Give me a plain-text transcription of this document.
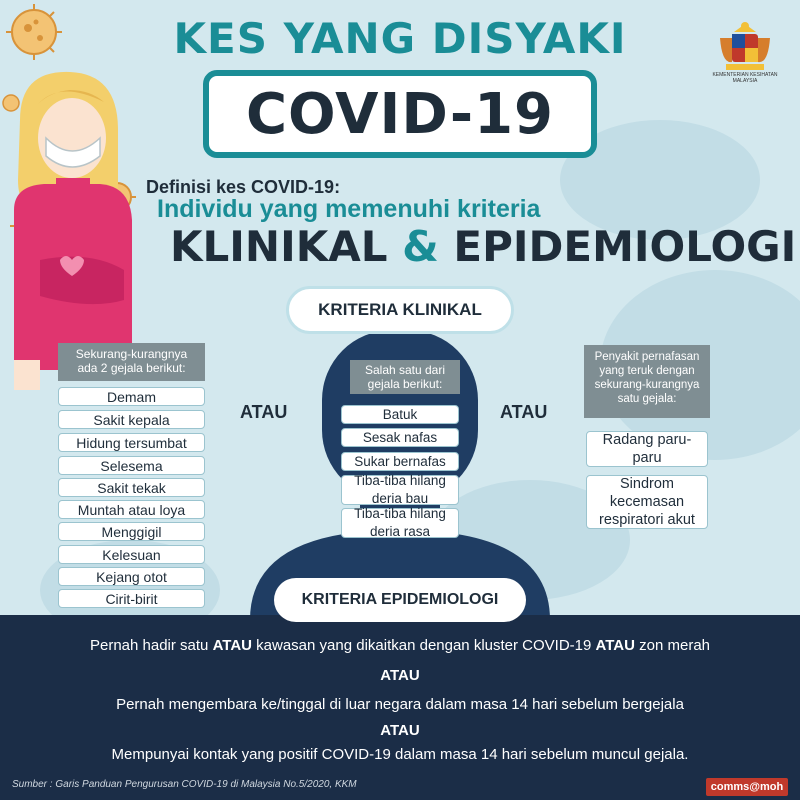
KEMENTERIAN KESIHATAN MALAYSIA
KES YANG DISYAKI
COVID-19
Definisi kes COVID-19:
Individu yang memenuhi kriteria
KLINIKAL & EPIDEMIOLOGI
KRITERIA KLINIKAL
Sekurang-kurangnya ada 2 gejala berikut:
Demam
Sakit kepala
Hidung tersumbat
Selesema
Sakit tekak
Muntah atau loya
Menggigil
Kelesuan
Kejang otot
Cirit-birit
ATAU	ATAU
Salah satu dari gejala berikut:
Batuk
Sesak nafas
Sukar bernafas
Tiba-tiba hilang deria bau
Tiba-tiba hilang deria rasa
Penyakit pernafasan yang teruk dengan sekurang-kurangnya satu gejala:
Radang paru-paru
Sindrom kecemasan respiratori akut
Pernah hadir satu ATAU kawasan yang dikaitkan dengan kluster COVID-19 ATAU zon merah
ATAU
Pernah mengembara ke/tinggal di luar negara dalam masa 14 hari sebelum bergejala
ATAU
Mempunyai kontak yang positif COVID-19 dalam masa 14 hari sebelum muncul gejala.
KRITERIA EPIDEMIOLOGI
Sumber : Garis Panduan Pengurusan COVID-19 di Malaysia No.5/2020, KKM	comms@moh
